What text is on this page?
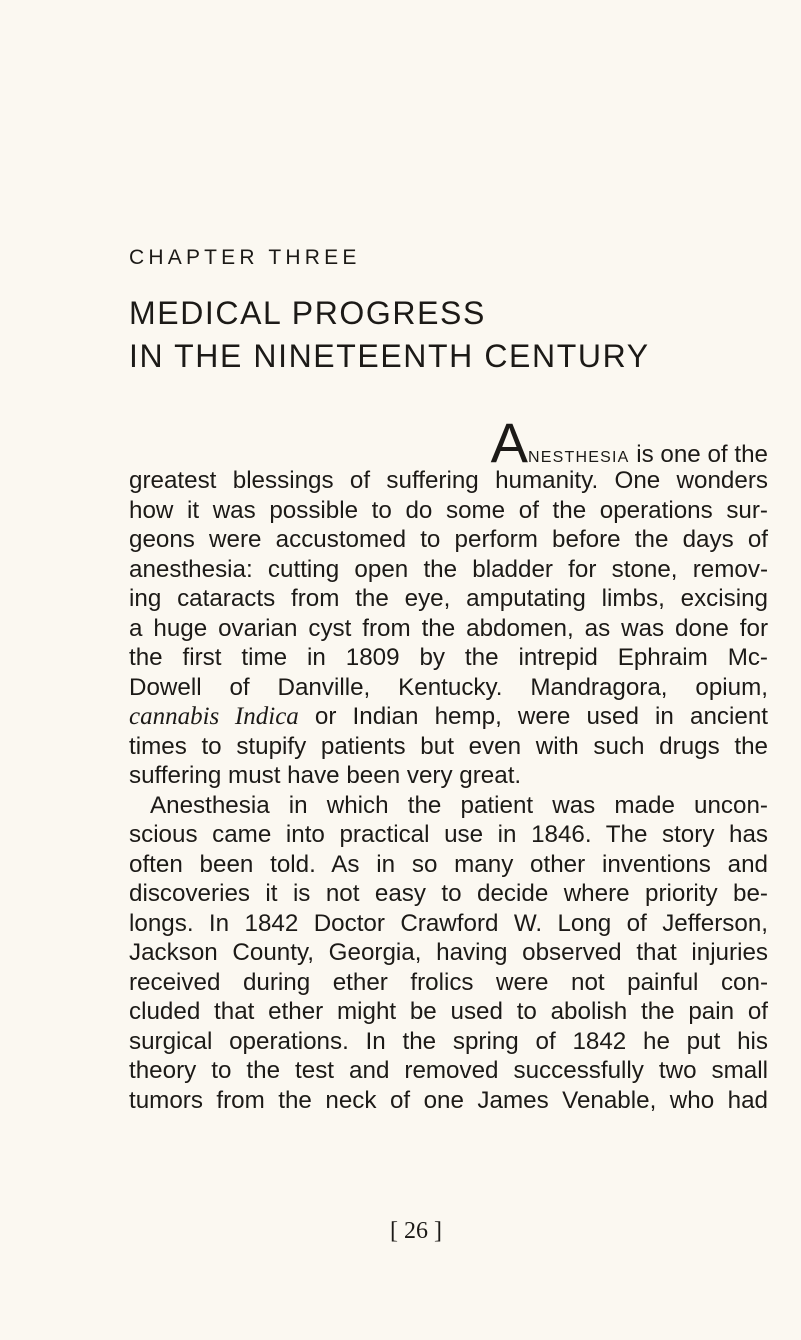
CHAPTER THREE
MEDICAL PROGRESS
IN THE NINETEENTH CENTURY
ANESTHESIA is one of the
greatest blessings of suffering humanity. One wonders
how it was possible to do some of the operations sur-
geons were accustomed to perform before the days of
anesthesia: cutting open the bladder for stone, remov-
ing cataracts from the eye, amputating limbs, excising
a huge ovarian cyst from the abdomen, as was done for
the first time in 1809 by the intrepid Ephraim Mc-
Dowell of Danville, Kentucky. Mandragora, opium,
cannabis Indica or Indian hemp, were used in ancient
times to stupify patients but even with such drugs the
suffering must have been very great.
Anesthesia in which the patient was made uncon-
scious came into practical use in 1846. The story has
often been told. As in so many other inventions and
discoveries it is not easy to decide where priority be-
longs. In 1842 Doctor Crawford W. Long of Jefferson,
Jackson County, Georgia, having observed that injuries
received during ether frolics were not painful con-
cluded that ether might be used to abolish the pain of
surgical operations. In the spring of 1842 he put his
theory to the test and removed successfully two small
tumors from the neck of one James Venable, who had
[ 26 ]
